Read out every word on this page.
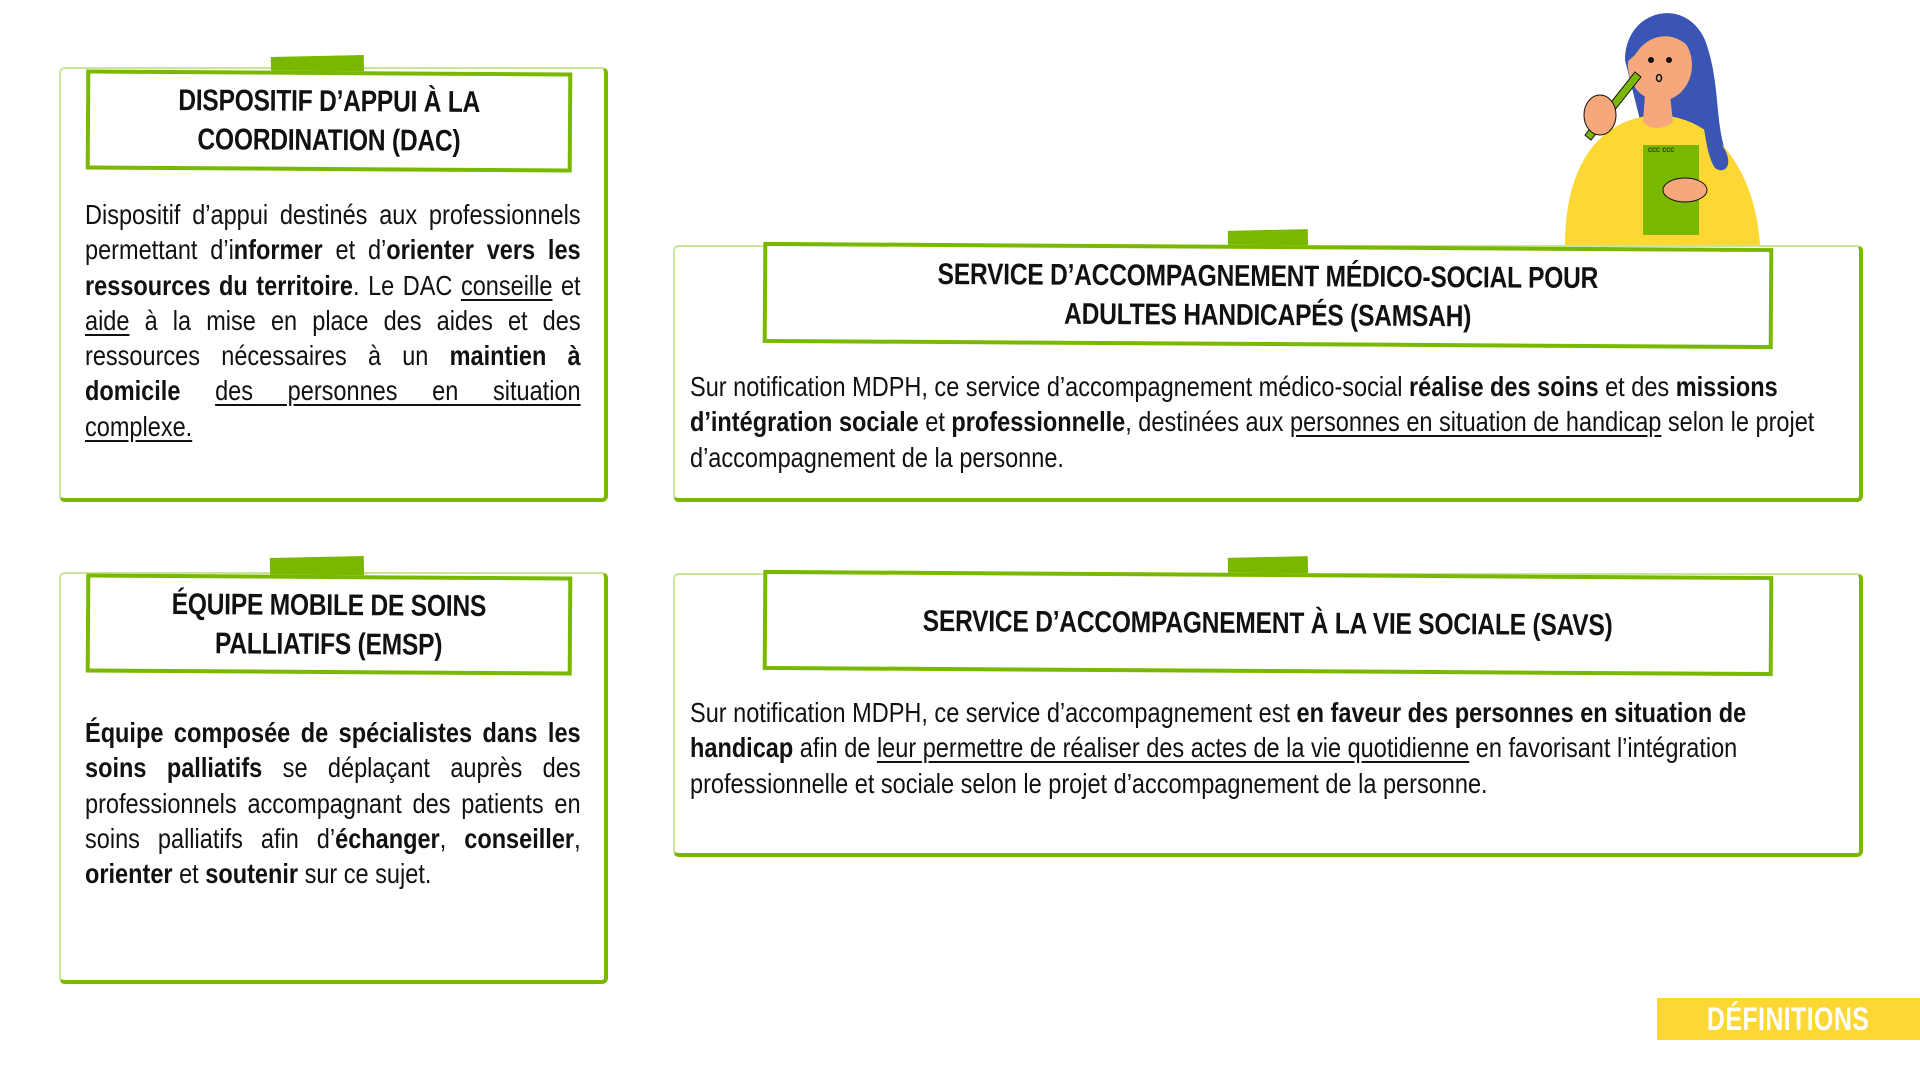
ccc ccc
DISPOSITIF D’APPUI À LA
COORDINATION (DAC)
Dispositif d’appui destinés aux professionnels permettant d’informer et d’orienter vers les ressources du territoire. Le DAC conseille et aide à la mise en place des aides et des ressources nécessaires à un maintien à domicile des personnes en situation complexe.
SERVICE D’ACCOMPAGNEMENT MÉDICO-SOCIAL POUR
ADULTES HANDICAPÉS (SAMSAH)
Sur notification MDPH, ce service d’accompagnement médico-social réalise des soins et des missions d’intégration sociale et professionnelle, destinées aux personnes en situation de handicap selon le projet d’accompagnement de la personne.
ÉQUIPE MOBILE DE SOINS
PALLIATIFS (EMSP)
Équipe composée de spécialistes dans les soins palliatifs se déplaçant auprès des professionnels accompagnant des patients en soins palliatifs afin d’échanger, conseiller, orienter et soutenir sur ce sujet.
SERVICE D’ACCOMPAGNEMENT À LA VIE SOCIALE (SAVS)
Sur notification MDPH, ce service d’accompagnement est en faveur des personnes en situation de handicap afin de leur permettre de réaliser des actes de la vie quotidienne en favorisant l’intégration professionnelle et sociale selon le projet d’accompagnement de la personne.
DÉFINITIONS
